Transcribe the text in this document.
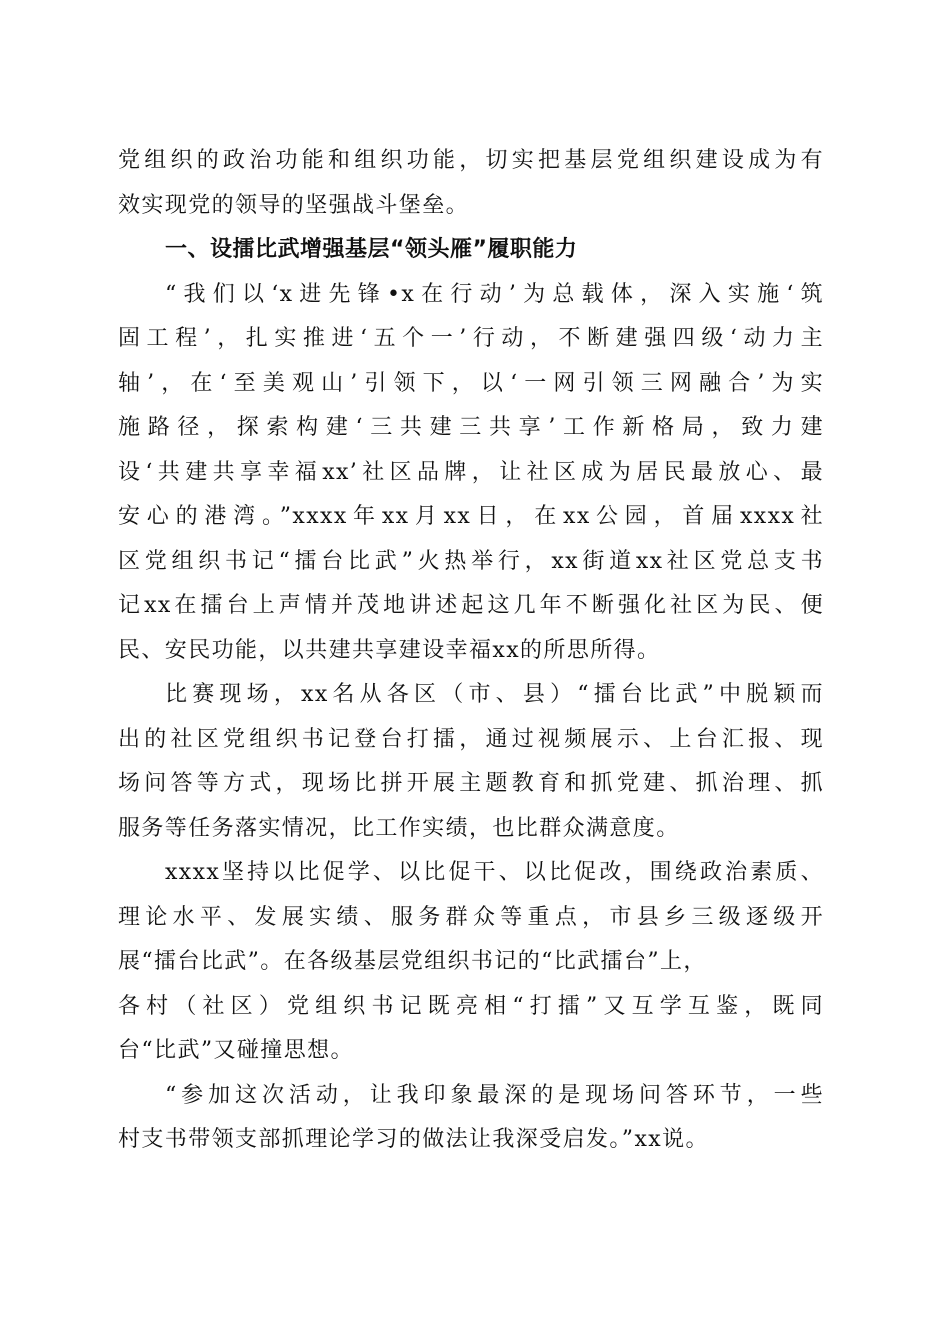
党组织的政治功能和组织功能，切实把基层党组织建设成为有
效实现党的领导的坚强战斗堡垒。
一、设擂比武增强基层“领头雁”履职能力
“我们以‘x进先锋•x在行动’为总载体，深入实施‘筑
固工程’，扎实推进‘五个一’行动，不断建强四级‘动力主
轴’，在‘至美观山’引领下，以‘一网引领三网融合’为实
施路径，探索构建‘三共建三共享’工作新格局，致力建
设‘共建共享幸福xx’社区品牌，让社区成为居民最放心、最
安心的港湾。”xxxx年xx月xx日，在xx公园，首届xxxx社
区党组织书记“擂台比武”火热举行，xx街道xx社区党总支书
记xx在擂台上声情并茂地讲述起这几年不断强化社区为民、便
民、安民功能，以共建共享建设幸福xx的所思所得。
比赛现场，xx名从各区（市、县）“擂台比武”中脱颖而
出的社区党组织书记登台打擂，通过视频展示、上台汇报、现
场问答等方式，现场比拼开展主题教育和抓党建、抓治理、抓
服务等任务落实情况，比工作实绩，也比群众满意度。
xxxx坚持以比促学、以比促干、以比促改，围绕政治素质、
理论水平、发展实绩、服务群众等重点，市县乡三级逐级开
展“擂台比武”。在各级基层党组织书记的“比武擂台”上，
各村（社区）党组织书记既亮相“打擂”又互学互鉴，既同
台“比武”又碰撞思想。
“参加这次活动，让我印象最深的是现场问答环节，一些
村支书带领支部抓理论学习的做法让我深受启发。”xx说。
